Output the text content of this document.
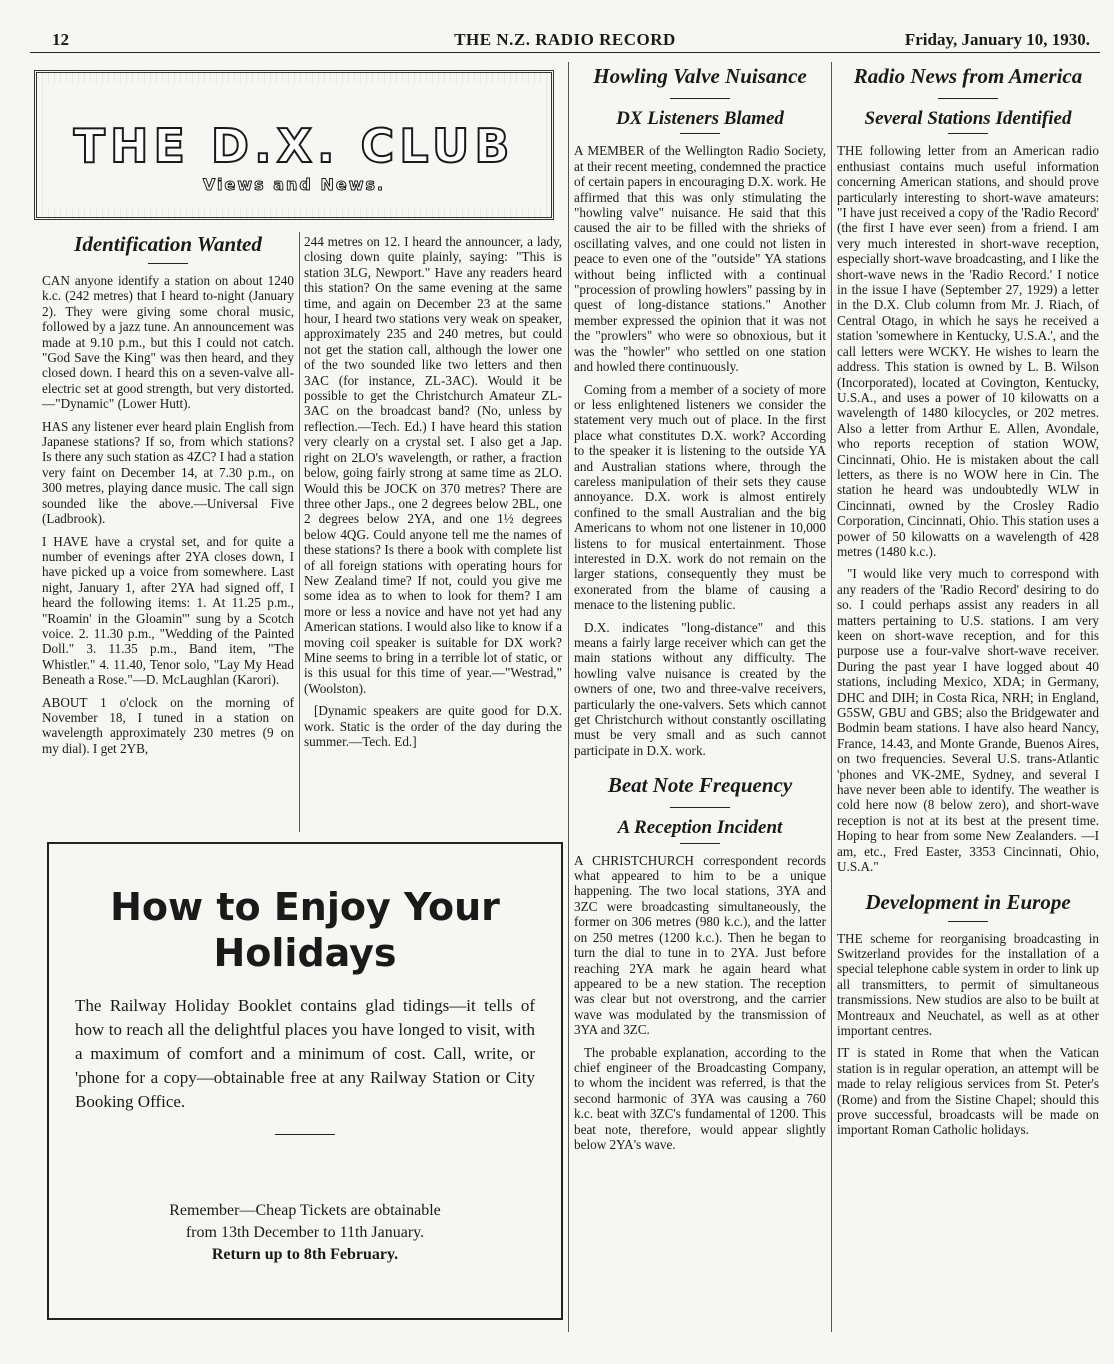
12	THE N.Z. RADIO RECORD	Friday, January 10, 1930.
THE D.X. CLUB
Views and News.
Identification Wanted

CAN anyone identify a station on about 1240 k.c. (242 metres) that I heard to-night (January 2). They were giving some choral music, followed by a jazz tune. An announcement was made at 9.10 p.m., but this I could not catch. "God Save the King" was then heard, and they closed down. I heard this on a seven-valve all-electric set at good strength, but very distorted.—"Dynamic" (Lower Hutt).

HAS any listener ever heard plain English from Japanese stations? If so, from which stations? Is there any such station as 4ZC? I had a station very faint on December 14, at 7.30 p.m., on 300 metres, playing dance music. The call sign sounded like the above.—Universal Five (Ladbrook).

I HAVE have a crystal set, and for quite a number of evenings after 2YA closes down, I have picked up a voice from somewhere. Last night, January 1, after 2YA had signed off, I heard the following items: 1. At 11.25 p.m., "Roamin' in the Gloamin'" sung by a Scotch voice. 2. 11.30 p.m., "Wedding of the Painted Doll." 3. 11.35 p.m., Band item, "The Whistler." 4. 11.40, Tenor solo, "Lay My Head Beneath a Rose."—D. McLaughlan (Karori).

ABOUT 1 o'clock on the morning of November 18, I tuned in a station on wavelength approximately 230 metres (9 on my dial). I get 2YB,

244 metres on 12. I heard the announcer, a lady, closing down quite plainly, saying: "This is station 3LG, Newport." Have any readers heard this station? On the same evening at the same time, and again on December 23 at the same hour, I heard two stations very weak on speaker, approximately 235 and 240 metres, but could not get the station call, although the lower one of the two sounded like two letters and then 3AC (for instance, ZL-3AC). Would it be possible to get the Christchurch Amateur ZL-3AC on the broadcast band? (No, unless by reflection.—Tech. Ed.) I have heard this station very clearly on a crystal set. I also get a Jap. right on 2LO's wavelength, or rather, a fraction below, going fairly strong at same time as 2LO. Would this be JOCK on 370 metres? There are three other Japs., one 2 degrees below 2BL, one 2 degrees below 2YA, and one 1½ degrees below 4QG. Could anyone tell me the names of these stations? Is there a book with complete list of all foreign stations with operating hours for New Zealand time? If not, could you give me some idea as to when to look for them? I am more or less a novice and have not yet had any American stations. I would also like to know if a moving coil speaker is suitable for DX work? Mine seems to bring in a terrible lot of static, or is this usual for this time of year.—"Westrad," (Woolston).

[Dynamic speakers are quite good for D.X. work. Static is the order of the day during the summer.—Tech. Ed.]

Howling Valve Nuisance
DX Listeners Blamed

A MEMBER of the Wellington Radio Society, at their recent meeting, condemned the practice of certain papers in encouraging D.X. work. He affirmed that this was only stimulating the "howling valve" nuisance. He said that this caused the air to be filled with the shrieks of oscillating valves, and one could not listen in peace to even one of the "outside" YA stations without being inflicted with a continual "procession of prowling howlers" passing by in quest of long-distance stations." Another member expressed the opinion that it was not the "prowlers" who were so obnoxious, but it was the "howler" who settled on one station and howled there continuously.

Coming from a member of a society of more or less enlightened listeners we consider the statement very much out of place. In the first place what constitutes D.X. work? According to the speaker it is listening to the outside YA and Australian stations where, through the careless manipulation of their sets they cause annoyance. D.X. work is almost entirely confined to the small Australian and the big Americans to whom not one listener in 10,000 listens to for musical entertainment. Those interested in D.X. work do not remain on the larger stations, consequently they must be exonerated from the blame of causing a menace to the listening public.

D.X. indicates "long-distance" and this means a fairly large receiver which can get the main stations without any difficulty. The howling valve nuisance is created by the owners of one, two and three-valve receivers, particularly the one-valvers. Sets which cannot get Christchurch without constantly oscillating must be very small and as such cannot participate in D.X. work.

Beat Note Frequency
A Reception Incident

A CHRISTCHURCH correspondent records what appeared to him to be a unique happening. The two local stations, 3YA and 3ZC were broadcasting simultaneously, the former on 306 metres (980 k.c.), and the latter on 250 metres (1200 k.c.). Then he began to turn the dial to tune in to 2YA. Just before reaching 2YA mark he again heard what appeared to be a new station. The reception was clear but not overstrong, and the carrier wave was modulated by the transmission of 3YA and 3ZC.

The probable explanation, according to the chief engineer of the Broadcasting Company, to whom the incident was referred, is that the second harmonic of 3YA was causing a 760 k.c. beat with 3ZC's fundamental of 1200. This beat note, therefore, would appear slightly below 2YA's wave.

Radio News from America
Several Stations Identified

THE following letter from an American radio enthusiast contains much useful information concerning American stations, and should prove particularly interesting to short-wave amateurs: "I have just received a copy of the 'Radio Record' (the first I have ever seen) from a friend. I am very much interested in short-wave reception, especially short-wave broadcasting, and I like the short-wave news in the 'Radio Record.' I notice in the issue I have (September 27, 1929) a letter in the D.X. Club column from Mr. J. Riach, of Central Otago, in which he says he received a station 'somewhere in Kentucky, U.S.A.', and the call letters were WCKY. He wishes to learn the address. This station is owned by L. B. Wilson (Incorporated), located at Covington, Kentucky, U.S.A., and uses a power of 10 kilowatts on a wavelength of 1480 kilocycles, or 202 metres. Also a letter from Arthur E. Allen, Avondale, who reports reception of station WOW, Cincinnati, Ohio. He is mistaken about the call letters, as there is no WOW here in Cin. The station he heard was undoubtedly WLW in Cincinnati, owned by the Crosley Radio Corporation, Cincinnati, Ohio. This station uses a power of 50 kilowatts on a wavelength of 428 metres (1480 k.c.).

"I would like very much to correspond with any readers of the 'Radio Record' desiring to do so. I could perhaps assist any readers in all matters pertaining to U.S. stations. I am very keen on short-wave reception, and for this purpose use a four-valve short-wave receiver. During the past year I have logged about 40 stations, including Mexico, XDA; in Germany, DHC and DIH; in Costa Rica, NRH; in England, G5SW, GBU and GBS; also the Bridgewater and Bodmin beam stations. I have also heard Nancy, France, 14.43, and Monte Grande, Buenos Aires, on two frequencies. Several U.S. trans-Atlantic 'phones and VK-2ME, Sydney, and several I have never been able to identify. The weather is cold here now (8 below zero), and short-wave reception is not at its best at the present time. Hoping to hear from some New Zealanders. —I am, etc., Fred Easter, 3353 Cincinnati, Ohio, U.S.A."

Development in Europe

THE scheme for reorganising broadcasting in Switzerland provides for the installation of a special telephone cable system in order to link up all transmitters, to permit of simultaneous transmissions. New studios are also to be built at Montreaux and Neuchatel, as well as at other important centres.

IT is stated in Rome that when the Vatican station is in regular operation, an attempt will be made to relay religious services from St. Peter's (Rome) and from the Sistine Chapel; should this prove successful, broadcasts will be made on important Roman Catholic holidays.

How to Enjoy Your Holidays
The Railway Holiday Booklet contains glad tidings—it tells of how to reach all the delightful places you have longed to visit, with a maximum of comfort and a minimum of cost. Call, write, or 'phone for a copy—obtainable free at any Railway Station or City Booking Office.
Remember—Cheap Tickets are obtainable
from 13th December to 11th January.
Return up to 8th February.
